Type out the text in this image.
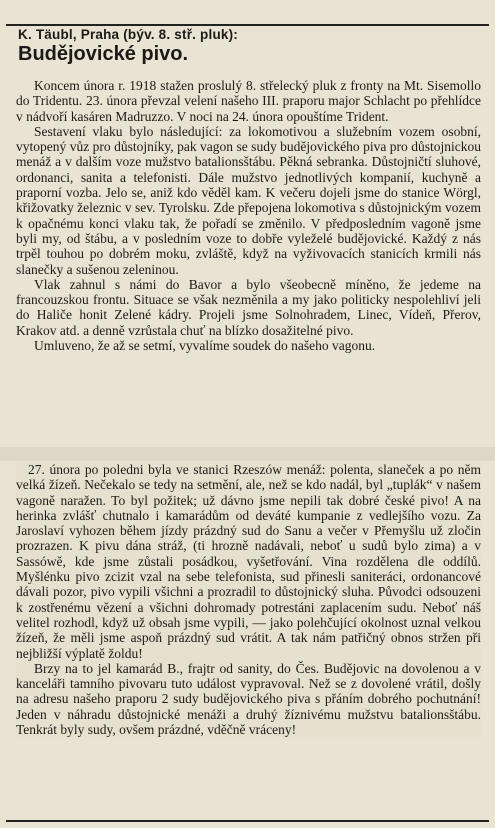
K. Täubl, Praha (býv. 8. stř. pluk):
Budějovické pivo.

Koncem února r. 1918 stažen proslulý 8. střelecký pluk z fronty na Mt. Sisemollo do Tridentu. 23. února převzal velení našeho III. praporu major Schlacht po přehlídce v nádvoří kasáren Madruzzo. V noci na 24. února opouštíme Trident.

Sestavení vlaku bylo následující: za lokomotivou a služebním vozem osobní, vytopený vůz pro důstojníky, pak vagon se sudy budějovického piva pro důstojnickou menáž a v dalším voze mužstvo batalionsštábu. Pěkná sebranka. Důstojničtí sluhové, ordonanci, sanita a telefonisti. Dále mužstvo jednotlivých kompanií, kuchyně a praporní vozba. Jelo se, aniž kdo věděl kam. K večeru dojeli jsme do stanice Wörgl, křižovatky železnic v sev. Tyrolsku. Zde přepojena lokomotiva s důstojnickým vozem k opačnému konci vlaku tak, že pořadí se změnilo. V předposledním vagoně jsme byli my, od štábu, a v posledním voze to dobře vyleželé budějovické. Každý z nás trpěl touhou po dobrém moku, zvláště, když na vyživovacích stanicích krmili nás slanečky a sušenou zeleninou.

Vlak zahnul s námi do Bavor a bylo všeobecně míněno, že jedeme na francouzskou frontu. Situace se však nezměnila a my jako politicky nespolehliví jeli do Haliče honit Zelené kádry. Projeli jsme Solnohradem, Linec, Vídeň, Přerov, Krakov atd. a denně vzrůstala chuť na blízko dosažitelné pivo.

Umluveno, že až se setmí, vyvalíme soudek do našeho vagonu.

27. února po poledni byla ve stanici Rzeszów menáž: polenta, slaneček a po něm velká žízeň. Nečekalo se tedy na setmění, ale, než se kdo nadál, byl „tuplák“ v našem vagoně naražen. To byl požitek; už dávno jsme nepili tak dobré české pivo! A na herinka zvlášť chutnalo i kamarádům od deváté kumpanie z vedlejšího vozu. Za Jaroslaví vyhozen během jízdy prázdný sud do Sanu a večer v Přemyšlu už zločin prozrazen. K pivu dána stráž, (ti hrozně nadávali, neboť u sudů bylo zima) a v Sassówě, kde jsme zůstali posádkou, vyšetřování. Vina rozdělena dle oddílů. Myšlénku pivo zcizit vzal na sebe telefonista, sud přinesli saniteráci, ordonancové dávali pozor, pivo vypili všichni a prozradil to důstojnický sluha. Původci odsouzeni k zostřenému vězení a všichni dohromady potrestáni zaplacením sudu. Neboť náš velitel rozhodl, když už obsah jsme vypili, — jako polehčující okolnost uznal velkou žízeň, že měli jsme aspoň prázdný sud vrátit. A tak nám patřičný obnos stržen při nejbližší výplatě žoldu!

Brzy na to jel kamarád B., frajtr od sanity, do Čes. Budějovic na dovolenou a v kanceláři tamního pivovaru tuto událost vypravoval. Než se z dovolené vrátil, došly na adresu našeho praporu 2 sudy budějovického piva s přáním dobrého pochutnání! Jeden v náhradu důstojnické menáži a druhý žíznivému mužstvu batalionsštábu. Tenkrát byly sudy, ovšem prázdné, vděčně vráceny!
